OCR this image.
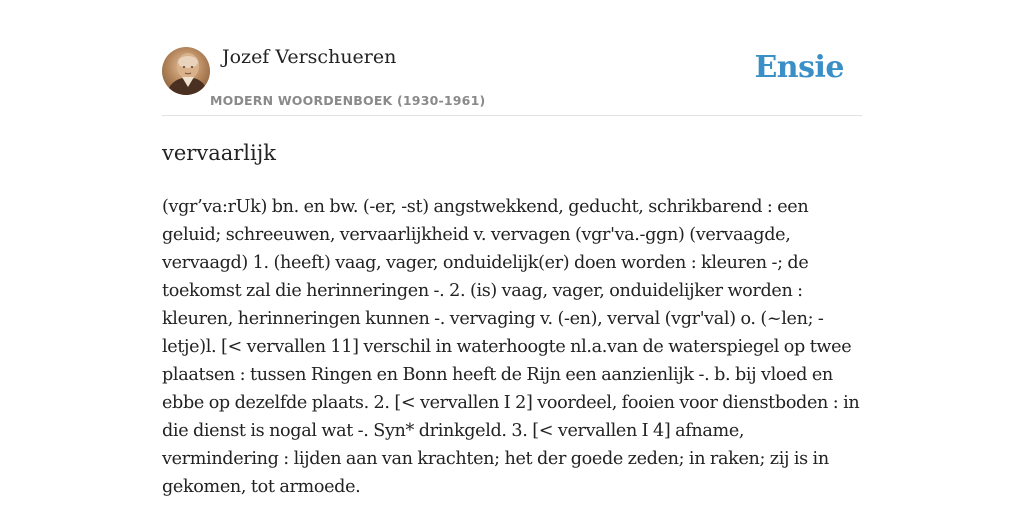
Jozef Verschueren
MODERN WOORDENBOEK (1930-1961)
Ensie
vervaarlijk

(vgr’va:rUk) bn. en bw. (-er, -st) angstwekkend, geducht, schrikbarend : een geluid; schreeuwen, vervaarlijkheid v. vervagen (vgr'va.-ggn) (vervaagde, vervaagd) 1. (heeft) vaag, vager, onduidelijk(er) doen worden : kleuren -; de toekomst zal die herinneringen -. 2. (is) vaag, vager, onduidelijker worden : kleuren, herinneringen kunnen -. vervaging v. (-en), verval (vgr'val) o. (~len; -letje)l. [< vervallen 11] verschil in waterhoogte nl.a.van de waterspiegel op twee plaatsen : tussen Ringen en Bonn heeft de Rijn een aanzienlijk -. b. bij vloed en ebbe op dezelfde plaats. 2. [< vervallen I 2] voordeel, fooien voor dienstboden : in die dienst is nogal wat -. Syn* drinkgeld. 3. [< vervallen I 4] afname, vermindering : lijden aan van krachten; het der goede zeden; in raken; zij is in gekomen, tot armoede.
